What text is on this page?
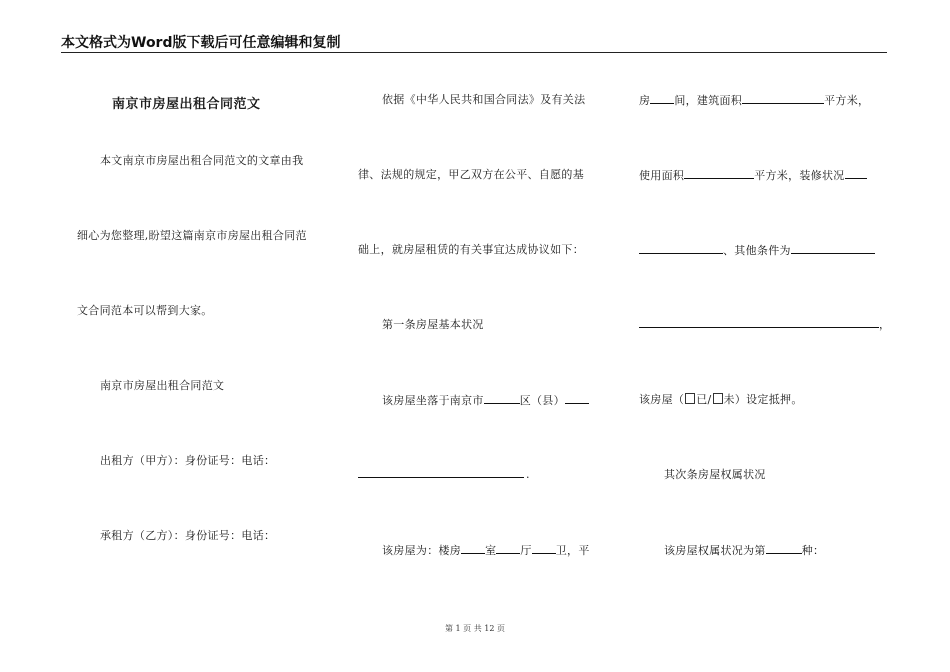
本文格式为Word版下载后可任意编辑和复制
南京市房屋出租合同范文
本文南京市房屋出租合同范文的文章由我
细心为您整理,盼望这篇南京市房屋出租合同范
文合同范本可以帮到大家。
南京市房屋出租合同范文
出租方（甲方）：身份证号：电话：
承租方（乙方）：身份证号：电话：
依据《中华人民共和国合同法》及有关法
律、法规的规定，甲乙双方在公平、自愿的基
础上，就房屋租赁的有关事宜达成协议如下：
第一条房屋基本状况
该房屋坐落于南京市	区（县）
.
该房屋为：楼房 室 厅 卫，平
房 间，建筑面积	平方米，
使用面积	平方米，装修状况
、其他条件为
，
该房屋（ 已/ 未）设定抵押。
其次条房屋权属状况
该房屋权属状况为第	种：
第 1 页 共 12 页
